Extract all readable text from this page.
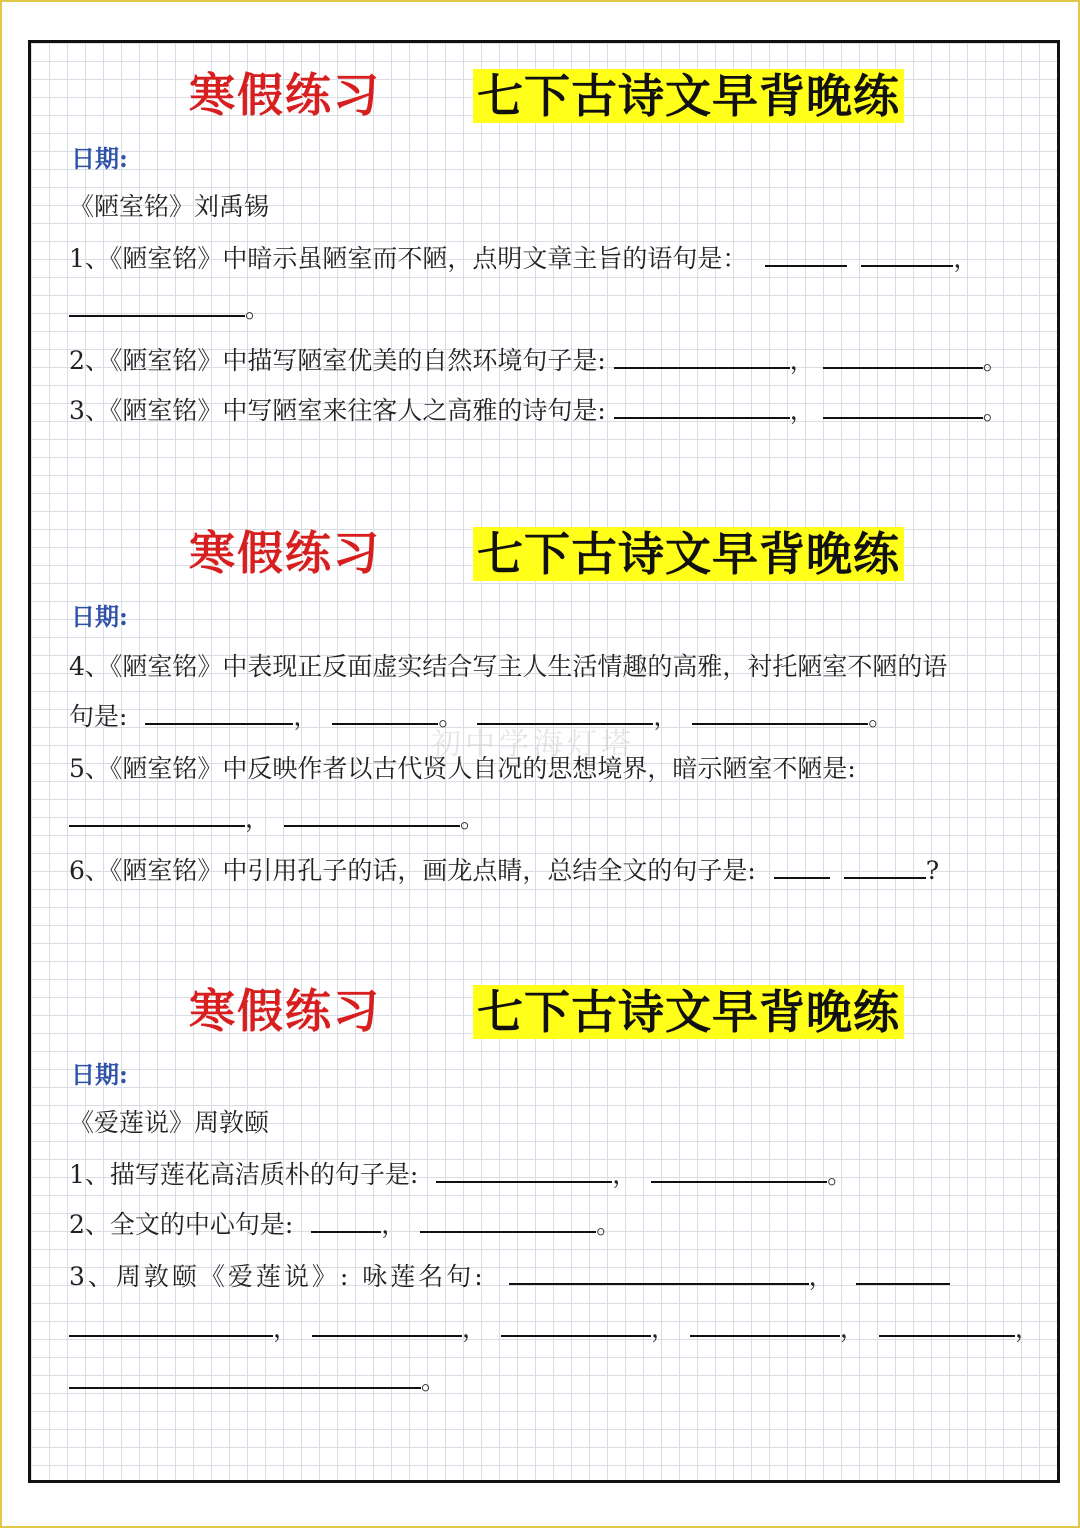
初中学海灯塔
寒假练习 七下古诗文早背晚练
日期:
《陋室铭》刘禹锡
1、《陋室铭》中暗示虽陋室而不陋，点明文章主旨的语句是：	，
。
2、《陋室铭》中描写陋室优美的自然环境句子是:	，	。
3、《陋室铭》中写陋室来往客人之高雅的诗句是:	，	。
寒假练习 七下古诗文早背晚练
日期:
4、《陋室铭》中表现正反面虚实结合写主人生活情趣的高雅，衬托陋室不陋的语
句是:	，	。	，	。
5、《陋室铭》中反映作者以古代贤人自况的思想境界，暗示陋室不陋是:
，	。
6、《陋室铭》中引用孔子的话，画龙点睛，总结全文的句子是:	?
寒假练习 七下古诗文早背晚练
日期:
《爱莲说》周敦颐
1、描写莲花高洁质朴的句子是:	，	。
2、全文的中心句是:	，	。
3、周敦颐《爱莲说》: 咏莲名句:	，
，	，	，	，	，
。
